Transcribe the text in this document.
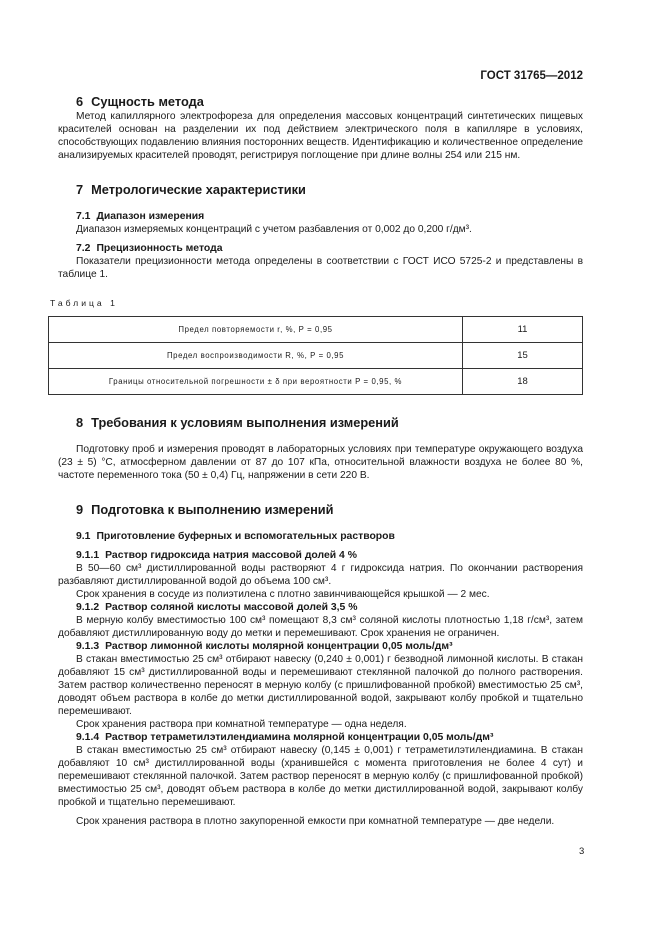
ГОСТ 31765—2012
6 Сущность метода

Метод капиллярного электрофореза для определения массовых концентраций синтетических пищевых красителей основан на разделении их под действием электрического поля в капилляре в условиях, способствующих подавлению влияния посторонних веществ. Идентификацию и количественное определение анализируемых красителей проводят, регистрируя поглощение при длине волны 254 или 215 нм.

7 Метрологические характеристики
7.1 Диапазон измерения

Диапазон измеряемых концентраций с учетом разбавления от 0,002 до 0,200 г/дм³.

7.2 Прецизионность метода

Показатели прецизионности метода определены в соответствии с ГОСТ ИСО 5725-2 и представлены в таблице 1.

Таблица 1
Предел повторяемости r, %, P = 0,95	11
Предел воспроизводимости R, %, P = 0,95	15
Границы относительной погрешности ± δ при вероятности P = 0,95, %	18
8 Требования к условиям выполнения измерений

Подготовку проб и измерения проводят в лабораторных условиях при температуре окружающего воздуха (23 ± 5) °С, атмосферном давлении от 87 до 107 кПа, относительной влажности воздуха не более 80 %, частоте переменного тока (50 ± 0,4) Гц, напряжении в сети 220 В.

9 Подготовка к выполнению измерений
9.1 Приготовление буферных и вспомогательных растворов
9.1.1 Раствор гидроксида натрия массовой долей 4 %

В 50—60 см³ дистиллированной воды растворяют 4 г гидроксида натрия. По окончании растворения разбавляют дистиллированной водой до объема 100 см³.

Срок хранения в сосуде из полиэтилена с плотно завинчивающейся крышкой — 2 мес.

9.1.2 Раствор соляной кислоты массовой долей 3,5 %

В мерную колбу вместимостью 100 см³ помещают 8,3 см³ соляной кислоты плотностью 1,18 г/см³, затем добавляют дистиллированную воду до метки и перемешивают. Срок хранения не ограничен.

9.1.3 Раствор лимонной кислоты молярной концентрации 0,05 моль/дм³

В стакан вместимостью 25 см³ отбирают навеску (0,240 ± 0,001) г безводной лимонной кислоты. В стакан добавляют 15 см³ дистиллированной воды и перемешивают стеклянной палочкой до полного растворения. Затем раствор количественно переносят в мерную колбу (с пришлифованной пробкой) вместимостью 25 см³, доводят объем раствора в колбе до метки дистиллированной водой, закрывают колбу пробкой и тщательно перемешивают.

Срок хранения раствора при комнатной температуре — одна неделя.

9.1.4 Раствор тетраметилэтилендиамина молярной концентрации 0,05 моль/дм³

В стакан вместимостью 25 см³ отбирают навеску (0,145 ± 0,001) г тетраметилэтилендиамина. В стакан добавляют 10 см³ дистиллированной воды (хранившейся с момента приготовления не более 4 сут) и перемешивают стеклянной палочкой. Затем раствор переносят в мерную колбу (с пришлифованной пробкой) вместимостью 25 см³, доводят объем раствора в колбе до метки дистиллированной водой, закрывают колбу пробкой и тщательно перемешивают.

Срок хранения раствора в плотно закупоренной емкости при комнатной температуре — две недели.

3
